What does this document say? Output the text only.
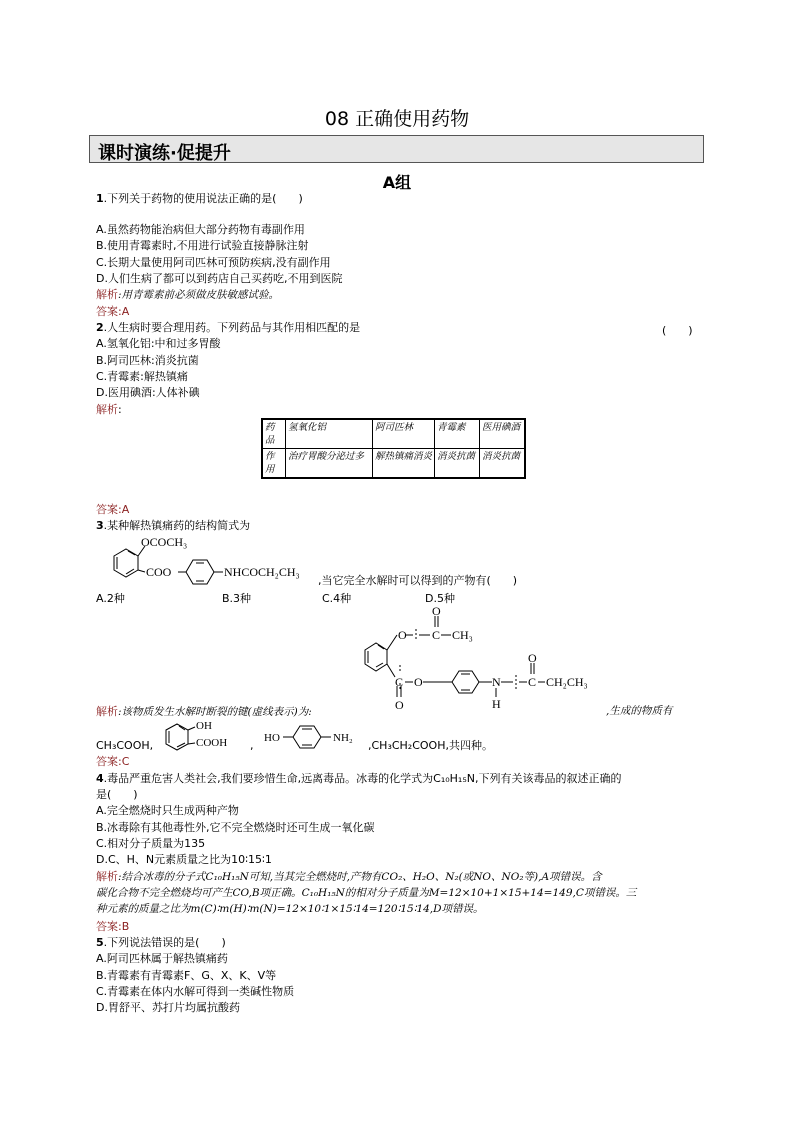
08 正确使用药物
课时演练·促提升
A组
1.下列关于药物的使用说法正确的是(　　)
A.虽然药物能治病但大部分药物有毒副作用
B.使用青霉素时,不用进行试验直接静脉注射
C.长期大量使用阿司匹林可预防疾病,没有副作用
D.人们生病了都可以到药店自己买药吃,不用到医院
解析:用青霉素前必须做皮肤敏感试验。
答案:A
2.人生病时要合理用药。下列药品与其作用相匹配的是	(　　)
A.氢氧化铝:中和过多胃酸
B.阿司匹林:消炎抗菌
C.青霉素:解热镇痛
D.医用碘酒:人体补碘
解析:
药品	氢氧化铝	阿司匹林	青霉素	医用碘酒
作用	治疗胃酸分泌过多	解热镇痛消炎	消炎抗菌	消炎抗菌
答案:A
3.某种解热镇痛药的结构简式为
OCOCH₃
COO	NHCOCH₂CH₃
,当它完全水解时可以得到的产物有(　　)
A.2种	B.3种	C.4种	D.5种
O
O
C CH₃
C
O
O	N
H
O
C CH₂CH₃
解析:该物质发生水解时断裂的键(虚线表示)为:	,生成的物质有
CH₃COOH,
OH
COOH ,
HO	NH₂
,CH₃CH₂COOH,共四种。
答案:C
4.毒品严重危害人类社会,我们要珍惜生命,远离毒品。冰毒的化学式为C₁₀H₁₅N,下列有关该毒品的叙述正确的
是(　　)
A.完全燃烧时只生成两种产物
B.冰毒除有其他毒性外,它不完全燃烧时还可生成一氧化碳
C.相对分子质量为135
D.C、H、N元素质量之比为10∶15∶1
解析:结合冰毒的分子式C₁₀H₁₅N可知,当其完全燃烧时,产物有CO₂、H₂O、N₂(或NO、NO₂等),A项错误。含
碳化合物不完全燃烧均可产生CO,B项正确。C₁₀H₁₅N的相对分子质量为M=12×10+1×15+14=149,C项错误。三
种元素的质量之比为m(C)∶m(H)∶m(N)=12×10∶1×15∶14=120∶15∶14,D项错误。
答案:B
5.下列说法错误的是(　　)
A.阿司匹林属于解热镇痛药
B.青霉素有青霉素F、G、X、K、V等
C.青霉素在体内水解可得到一类碱性物质
D.胃舒平、苏打片均属抗酸药
